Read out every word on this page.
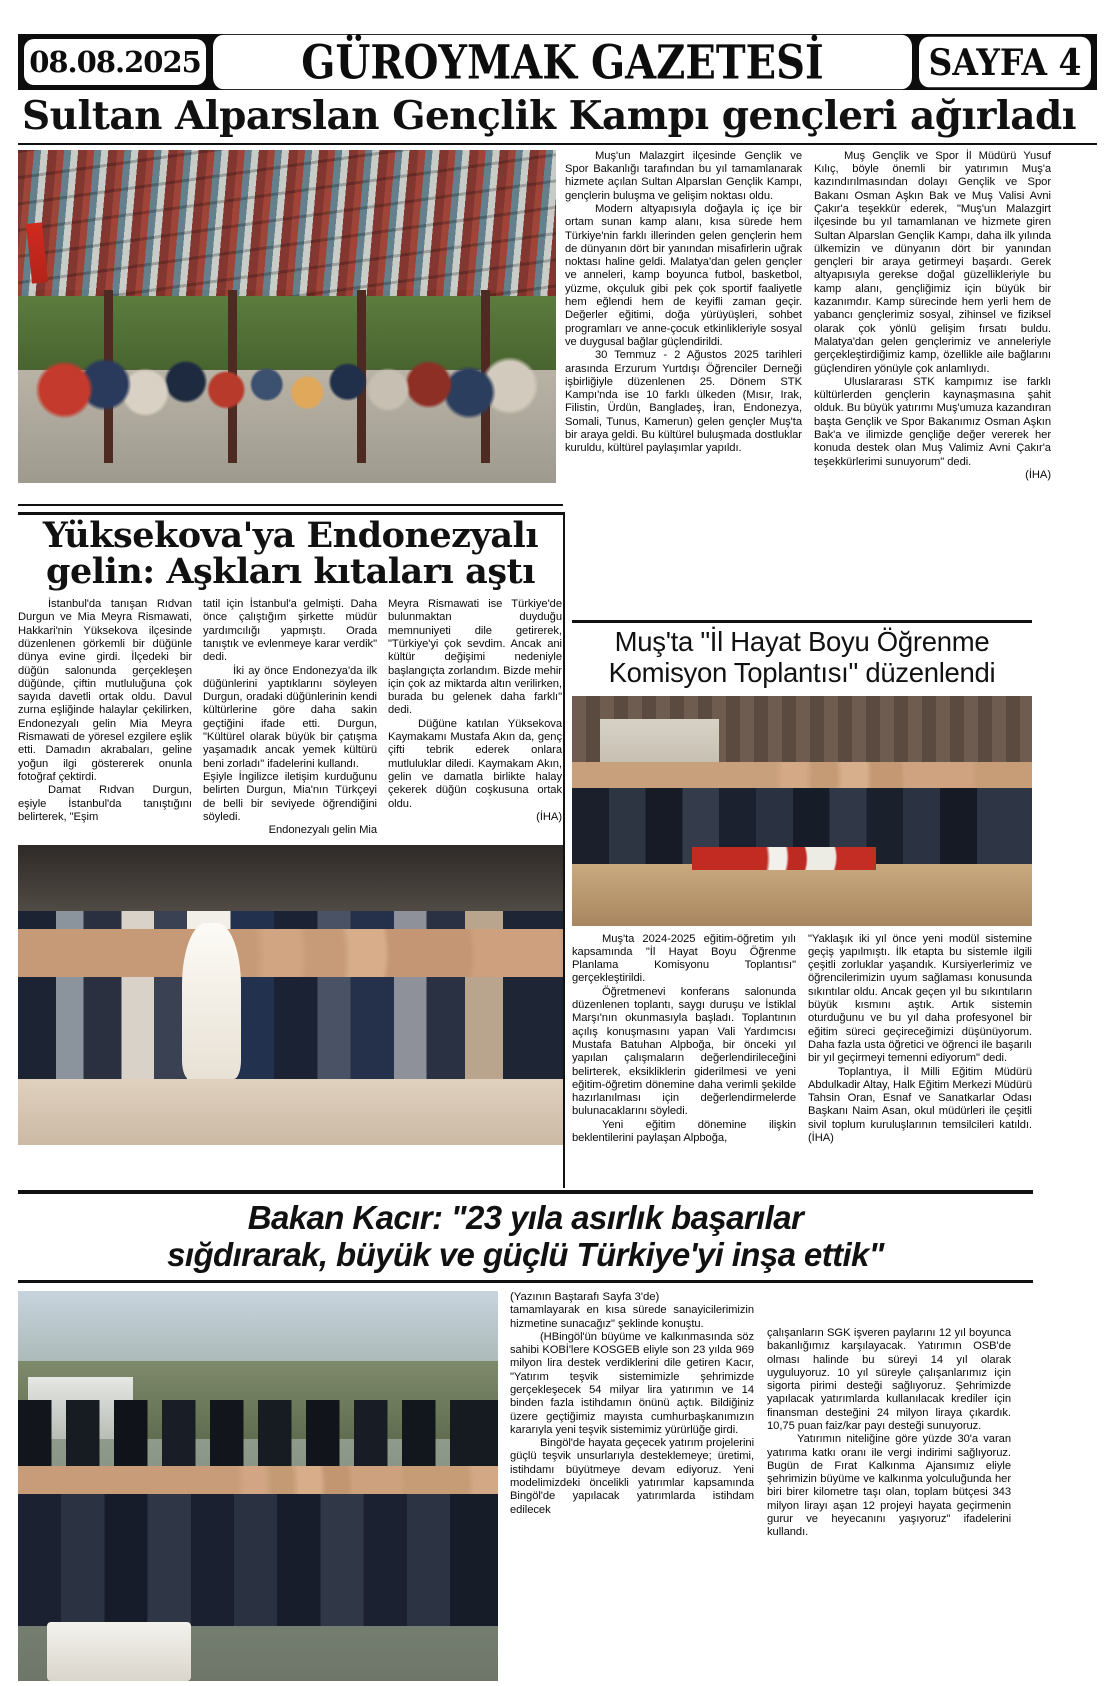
08.08.2025	GÜROYMAK GAZETESİ	SAYFA 4
Sultan Alparslan Gençlik Kampı gençleri ağırladı

Muş'un Malazgirt ilçesinde Gençlik ve Spor Bakanlığı tarafından bu yıl tamamlanarak hizmete açılan Sultan Alparslan Gençlik Kampı, gençlerin buluşma ve gelişim noktası oldu.

Modern altyapısıyla doğayla iç içe bir ortam sunan kamp alanı, kısa sürede hem Türkiye'nin farklı illerinden gelen gençlerin hem de dünyanın dört bir yanından misafirlerin uğrak noktası haline geldi. Malatya'dan gelen gençler ve anneleri, kamp boyunca futbol, basketbol, yüzme, okçuluk gibi pek çok sportif faaliyetle hem eğlendi hem de keyifli zaman geçir. Değerler eğitimi, doğa yürüyüşleri, sohbet programları ve anne-çocuk etkinlikleriyle sosyal ve duygusal bağlar güçlendirildi.

30 Temmuz - 2 Ağustos 2025 tarihleri arasında Erzurum Yurtdışı Öğrenciler Derneği işbirliğiyle düzenlenen 25. Dönem STK Kampı'nda ise 10 farklı ülkeden (Mısır, Irak, Filistin, Ürdün, Bangladeş, İran, Endonezya, Somali, Tunus, Kamerun) gelen gençler Muş'ta bir araya geldi. Bu kültürel buluşmada dostluklar kuruldu, kültürel paylaşımlar yapıldı.

Muş Gençlik ve Spor İl Müdürü Yusuf Kılıç, böyle önemli bir yatırımın Muş'a kazındırılmasından dolayı Gençlik ve Spor Bakanı Osman Aşkın Bak ve Muş Valisi Avni Çakır'a teşekkür ederek, "Muş'un Malazgirt ilçesinde bu yıl tamamlanan ve hizmete giren Sultan Alparslan Gençlik Kampı, daha ilk yılında ülkemizin ve dünyanın dört bir yanından gençleri bir araya getirmeyi başardı. Gerek altyapısıyla gerekse doğal güzellikleriyle bu kamp alanı, gençliğimiz için büyük bir kazanımdır. Kamp sürecinde hem yerli hem de yabancı gençlerimiz sosyal, zihinsel ve fiziksel olarak çok yönlü gelişim fırsatı buldu. Malatya'dan gelen gençlerimiz ve anneleriyle gerçekleştirdiğimiz kamp, özellikle aile bağlarını güçlendiren yönüyle çok anlamlıydı.

Uluslararası STK kampımız ise farklı kültürlerden gençlerin kaynaşmasına şahit olduk. Bu büyük yatırımı Muş'umuza kazandıran başta Gençlik ve Spor Bakanımız Osman Aşkın Bak'a ve ilimizde gençliğe değer vererek her konuda destek olan Muş Valimiz Avni Çakır'a teşekkürlerimi sunuyorum" dedi.

(İHA)

Yüksekova'ya Endonezyalı
gelin: Aşkları kıtaları aştı

İstanbul'da tanışan Rıdvan Durgun ve Mia Meyra Rismawati, Hakkari'nin Yüksekova ilçesinde düzenlenen görkemli bir düğünle dünya evine girdi. İlçedeki bir düğün salonunda gerçekleşen düğünde, çiftin mutluluğuna çok sayıda davetli ortak oldu. Davul zurna eşliğinde halaylar çekilirken, Endonezyalı gelin Mia Meyra Rismawati de yöresel ezgilere eşlik etti. Damadın akrabaları, geline yoğun ilgi göstererek onunla fotoğraf çektirdi.

Damat Rıdvan Durgun, eşiyle İstanbul'da tanıştığını belirterek, "Eşim

tatil için İstanbul'a gelmişti. Daha önce çalıştığım şirkette müdür yardımcılığı yapmıştı. Orada tanıştık ve evlenmeye karar verdik" dedi.

İki ay önce Endonezya'da ilk düğünlerini yaptıklarını söyleyen Durgun, oradaki düğünlerinin kendi kültürlerine göre daha sakin geçtiğini ifade etti. Durgun, "Kültürel olarak büyük bir çatışma yaşamadık ancak yemek kültürü beni zorladı" ifadelerini kullandı.

Eşiyle İngilizce iletişim kurduğunu belirten Durgun, Mia'nın Türkçeyi de belli bir seviyede öğrendiğini söyledi.

Endonezyalı gelin Mia

Meyra Rismawati ise Türkiye'de bulunmaktan duyduğu memnuniyeti dile getirerek, "Türkiye'yi çok sevdim. Ancak ani kültür değişimi nedeniyle başlangıçta zorlandım. Bizde mehir için çok az miktarda altın verilirken, burada bu gelenek daha farklı" dedi.

Düğüne katılan Yüksekova Kaymakamı Mustafa Akın da, genç çifti tebrik ederek onlara mutluluklar diledi. Kaymakam Akın, gelin ve damatla birlikte halay çekerek düğün coşkusuna ortak oldu.

(İHA)

Muş'ta "İl Hayat Boyu Öğrenme
Komisyon Toplantısı" düzenlendi

Muş'ta 2024-2025 eğitim-öğretim yılı kapsamında "İl Hayat Boyu Öğrenme Planlama Komisyonu Toplantısı" gerçekleştirildi.

Öğretmenevi konferans salonunda düzenlenen toplantı, saygı duruşu ve İstiklal Marşı'nın okunmasıyla başladı. Toplantının açılış konuşmasını yapan Vali Yardımcısı Mustafa Batuhan Alpboğa, bir önceki yıl yapılan çalışmaların değerlendirileceğini belirterek, eksikliklerin giderilmesi ve yeni eğitim-öğretim dönemine daha verimli şekilde hazırlanılması için değerlendirmelerde bulunacaklarını söyledi.

Yeni eğitim dönemine ilişkin beklentilerini paylaşan Alpboğa,

"Yaklaşık iki yıl önce yeni modül sistemine geçiş yapılmıştı. İlk etapta bu sistemle ilgili çeşitli zorluklar yaşandık. Kursiyerlerimiz ve öğrencilerimizin uyum sağlaması konusunda sıkıntılar oldu. Ancak geçen yıl bu sıkıntıların büyük kısmını aştık. Artık sistemin oturduğunu ve bu yıl daha profesyonel bir eğitim süreci geçireceğimizi düşünüyorum. Daha fazla usta öğretici ve öğrenci ile başarılı bir yıl geçirmeyi temenni ediyorum" dedi.

Toplantıya, İl Milli Eğitim Müdürü Abdulkadir Altay, Halk Eğitim Merkezi Müdürü Tahsin Oran, Esnaf ve Sanatkarlar Odası Başkanı Naim Asan, okul müdürleri ile çeşitli sivil toplum kuruluşlarının temsilcileri katıldı. (İHA)

Bakan Kacır: "23 yıla asırlık başarılar
sığdırarak, büyük ve güçlü Türkiye'yi inşa ettik"

(Yazının Baştarafı Sayfa 3'de)

tamamlayarak en kısa sürede sanayicilerimizin hizmetine sunacağız" şeklinde konuştu.

(HBingöl'ün büyüme ve kalkınmasında söz sahibi KOBİ'lere KOSGEB eliyle son 23 yılda 969 milyon lira destek verdiklerini dile getiren Kacır, "Yatırım teşvik sistemimizle şehrimizde gerçekleşecek 54 milyar lira yatırımın ve 14 binden fazla istihdamın önünü açtık. Bildiğiniz üzere geçtiğimiz mayısta cumhurbaşkanımızın kararıyla yeni teşvik sistemimiz yürürlüğe girdi.

Bingöl'de hayata geçecek yatırım projelerini güçlü teşvik unsurlarıyla desteklemeye; üretimi, istihdamı büyütmeye devam ediyoruz. Yeni modelimizdeki öncelikli yatırımlar kapsamında Bingöl'de yapılacak yatırımlarda istihdam edilecek

çalışanların SGK işveren paylarını 12 yıl boyunca bakanlığımız karşılayacak. Yatırımın OSB'de olması halinde bu süreyi 14 yıl olarak uyguluyoruz. 10 yıl süreyle çalışanlarımız için sigorta pirimi desteği sağlıyoruz. Şehrimizde yapılacak yatırımlarda kullanılacak krediler için finansman desteğini 24 milyon liraya çıkardık. 10,75 puan faiz/kar payı desteği sunuyoruz.

Yatırımın niteliğine göre yüzde 30'a varan yatırıma katkı oranı ile vergi indirimi sağlıyoruz. Bugün de Fırat Kalkınma Ajansımız eliyle şehrimizin büyüme ve kalkınma yolculuğunda her biri birer kilometre taşı olan, toplam bütçesi 343 milyon lirayı aşan 12 projeyi hayata geçirmenin gurur ve heyecanını yaşıyoruz" ifadelerini kullandı.
